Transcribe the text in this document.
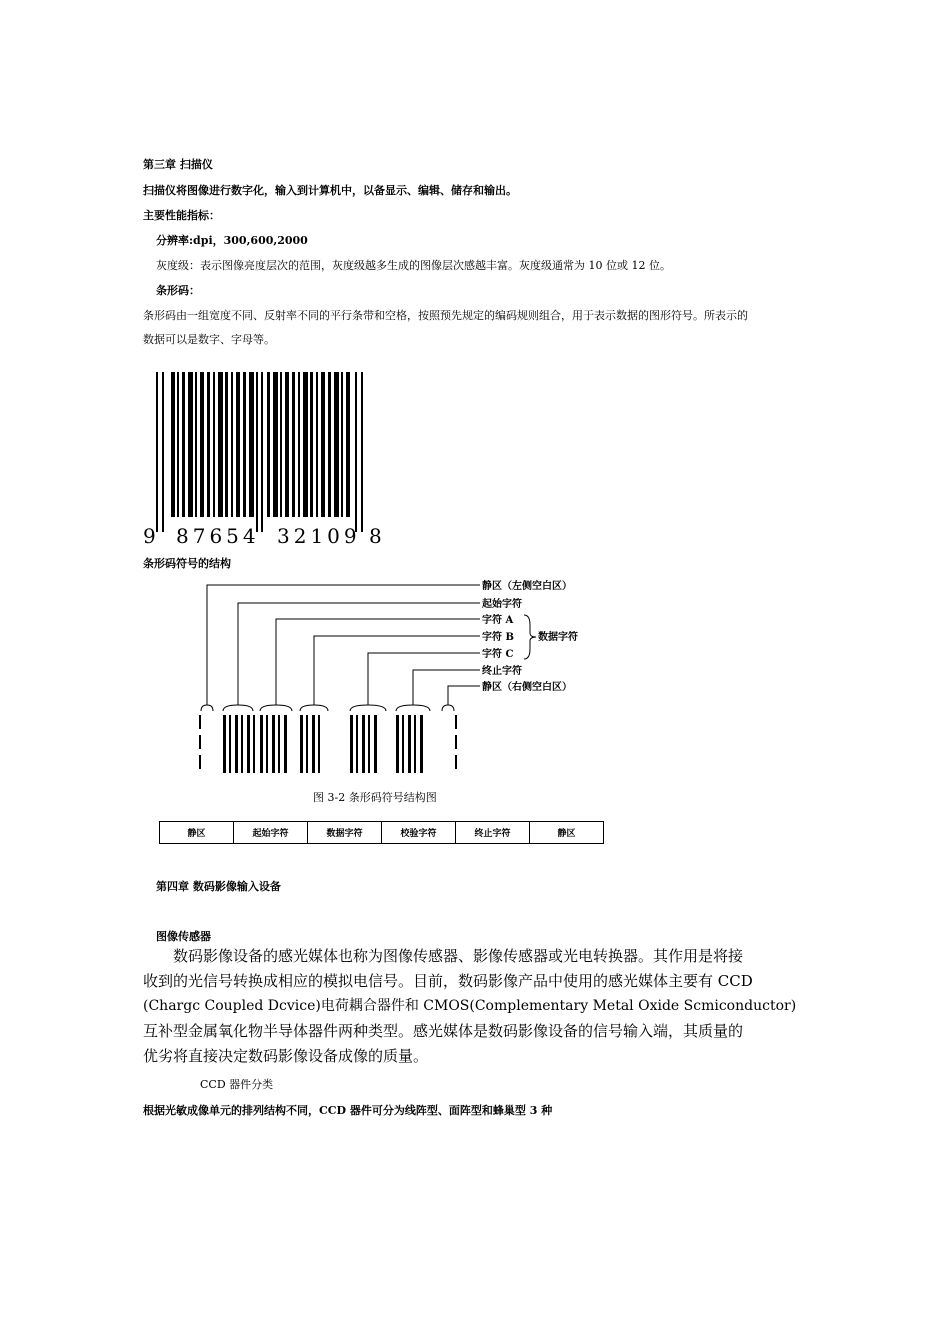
第三章 扫描仪
扫描仪将图像进行数字化，输入到计算机中，以备显示、编辑、储存和输出。
主要性能指标：
分辨率:dpi，300,600,2000
灰度级：表示图像亮度层次的范围，灰度级越多生成的图像层次感越丰富。灰度级通常为 10 位或 12 位。
条形码：
条形码由一组宽度不同、反射率不同的平行条带和空格，按照预先规定的编码规则组合，用于表示数据的图形符号。所表示的
数据可以是数字、字母等。
9 87654 32109 8
条形码符号的结构
静区（左侧空白区）
起始字符
字符 A
字符 B
字符 C
终止字符
静区（右侧空白区）
数据字符
图 3-2 条形码符号结构图
静区	起始字符	数据字符	校验字符	终止字符	静区
第四章 数码影像输入设备
图像传感器
数码影像设备的感光媒体也称为图像传感器、影像传感器或光电转换器。其作用是将接
收到的光信号转换成相应的模拟电信号。目前，数码影像产品中使用的感光媒体主要有 CCD
(Chargc Coupled Dcvice)电荷耦合器件和 CMOS(Complementary Metal Oxide Scmiconductor)
互补型金属氧化物半导体器件两种类型。感光媒体是数码影像设备的信号输入端，其质量的
优劣将直接决定数码影像设备成像的质量。
CCD 器件分类
根据光敏成像单元的排列结构不同，CCD 器件可分为线阵型、面阵型和蜂巢型 3 种
